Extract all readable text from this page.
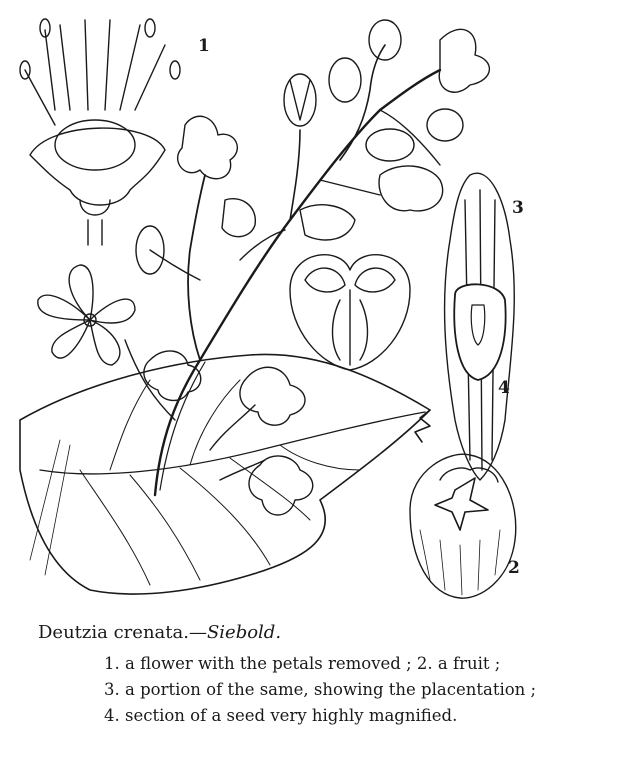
1
3
4
2
Deutzia crenata.—Siebold.
1. a flower with the petals removed ; 2. a fruit ;
3. a portion of the same, showing the placentation ;
4. section of a seed very highly magnified.
